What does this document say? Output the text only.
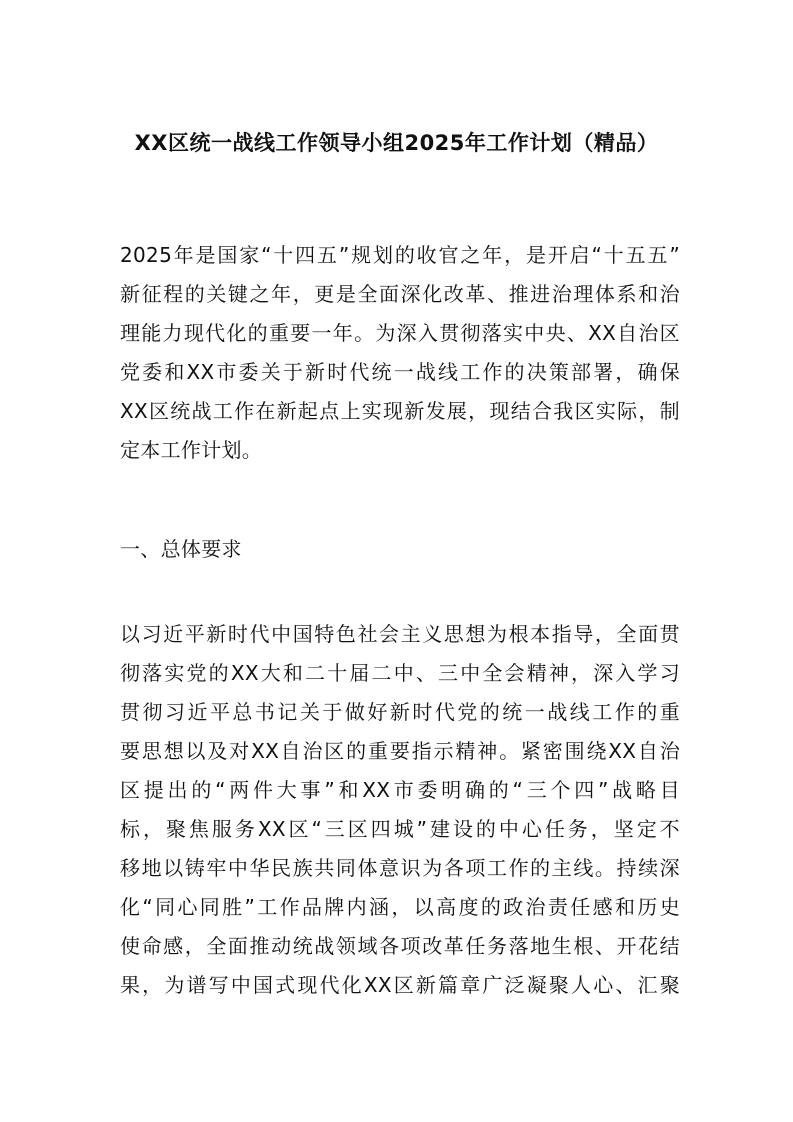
XX区统一战线工作领导小组2025年工作计划（精品）
2025年是国家“十四五”规划的收官之年，是开启“十五五”
新征程的关键之年，更是全面深化改革、推进治理体系和治
理能力现代化的重要一年。为深入贯彻落实中央、XX自治区
党委和XX市委关于新时代统一战线工作的决策部署，确保
XX区统战工作在新起点上实现新发展，现结合我区实际，制
定本工作计划。
一、总体要求
以习近平新时代中国特色社会主义思想为根本指导，全面贯
彻落实党的XX大和二十届二中、三中全会精神，深入学习
贯彻习近平总书记关于做好新时代党的统一战线工作的重
要思想以及对XX自治区的重要指示精神。紧密围绕XX自治
区提出的“两件大事”和XX市委明确的“三个四”战略目
标，聚焦服务XX区“三区四城”建设的中心任务，坚定不
移地以铸牢中华民族共同体意识为各项工作的主线。持续深
化“同心同胜”工作品牌内涵，以高度的政治责任感和历史
使命感，全面推动统战领域各项改革任务落地生根、开花结
果，为谱写中国式现代化XX区新篇章广泛凝聚人心、汇聚
